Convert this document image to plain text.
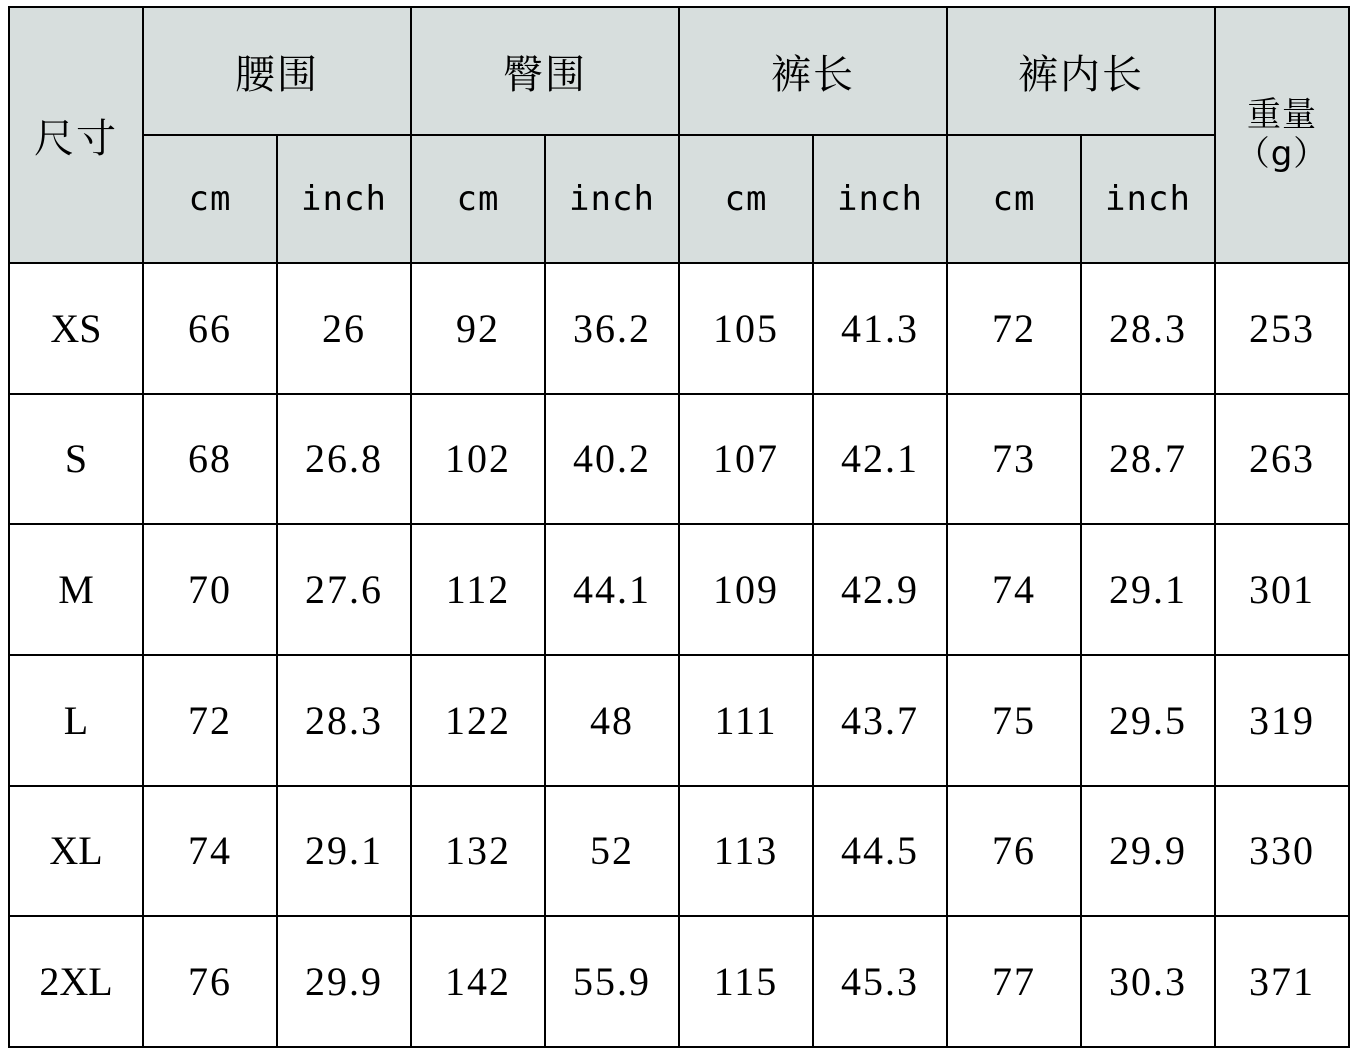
尺寸	腰围		臀围		裤长		裤内长		重量
（g）

	cm	inch	cm	inch	cm	inch	cm	inch	
XS	66	26	92	36.2	105	41.3	72	28.3	253
S	68	26.8	102	40.2	107	42.1	73	28.7	263
M	70	27.6	112	44.1	109	42.9	74	29.1	301
L	72	28.3	122	48	111	43.7	75	29.5	319
XL	74	29.1	132	52	113	44.5	76	29.9	330
2XL	76	29.9	142	55.9	115	45.3	77	30.3	371
